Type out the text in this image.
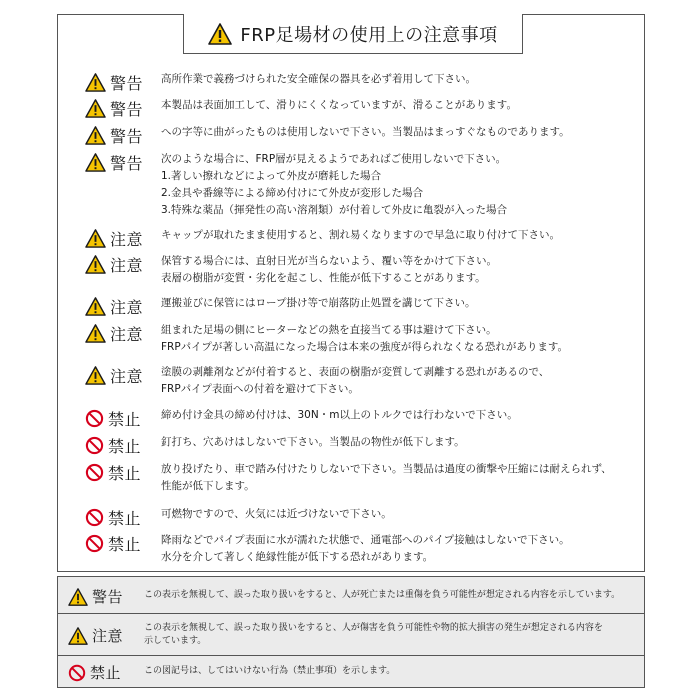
FRP足場材の使用上の注意事項
警告 高所作業で義務づけられた安全確保の器具を必ず着用して下さい。
警告 本製品は表面加工して、滑りにくくなっていますが、滑ることがあります。
警告 への字等に曲がったものは使用しないで下さい。当製品はまっすぐなものであります。
警告 次のような場合に、FRP層が見えるようであればご使用しないで下さい。
1.著しい擦れなどによって外皮が磨耗した場合
2.金具や番線等による締め付けにて外皮が変形した場合
3.特殊な薬品（揮発性の高い溶剤類）が付着して外皮に亀裂が入った場合
注意 キャップが取れたまま使用すると、割れ易くなりますので早急に取り付けて下さい。
注意 保管する場合には、直射日光が当らないよう、覆い等をかけて下さい。
表層の樹脂が変質・劣化を起こし、性能が低下することがあります。
注意 運搬並びに保管にはロープ掛け等で崩落防止処置を講じて下さい。
注意 組まれた足場の側にヒーターなどの熱を直接当てる事は避けて下さい。
FRPパイプが著しい高温になった場合は本来の強度が得られなくなる恐れがあります。
注意 塗膜の剥離剤などが付着すると、表面の樹脂が変質して剥離する恐れがあるので、
FRPパイプ表面への付着を避けて下さい。
禁止 締め付け金具の締め付けは、30N・m以上のトルクでは行わないで下さい。
禁止 釘打ち、穴あけはしないで下さい。当製品の物性が低下します。
禁止 放り投げたり、車で踏み付けたりしないで下さい。当製品は過度の衝撃や圧縮には耐えられず、
性能が低下します。
禁止 可燃物ですので、火気には近づけないで下さい。
禁止 降雨などでパイプ表面に水が濡れた状態で、通電部へのパイプ接触はしないで下さい。
水分を介して著しく絶縁性能が低下する恐れがあります。
警告 この表示を無視して、誤った取り扱いをすると、人が死亡または重傷を負う可能性が想定される内容を示しています。
注意 この表示を無視して、誤った取り扱いをすると、人が傷害を負う可能性や物的拡大損害の発生が想定される内容を
示しています。
禁止	この図記号は、してはいけない行為（禁止事項）を示します。
